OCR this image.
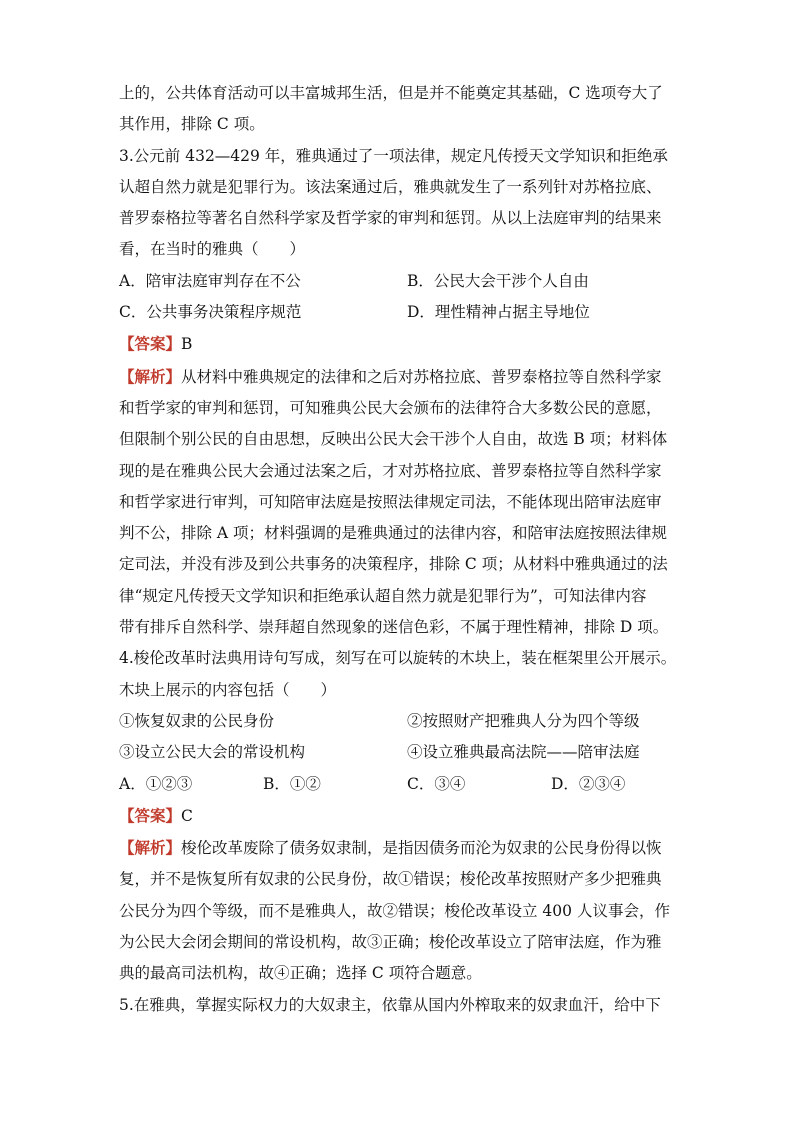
上的，公共体育活动可以丰富城邦生活，但是并不能奠定其基础，C 选项夸大了
其作用，排除 C 项。
3.公元前 432—429 年，雅典通过了一项法律，规定凡传授天文学知识和拒绝承
认超自然力就是犯罪行为。该法案通过后，雅典就发生了一系列针对苏格拉底、
普罗泰格拉等著名自然科学家及哲学家的审判和惩罚。从以上法庭审判的结果来
看，在当时的雅典（　　）
A．陪审法庭审判存在不公	B．公民大会干涉个人自由
C．公共事务决策程序规范	D．理性精神占据主导地位
【答案】B
【解析】从材料中雅典规定的法律和之后对苏格拉底、普罗泰格拉等自然科学家
和哲学家的审判和惩罚，可知雅典公民大会颁布的法律符合大多数公民的意愿，
但限制个别公民的自由思想，反映出公民大会干涉个人自由，故选 B 项；材料体
现的是在雅典公民大会通过法案之后，才对苏格拉底、普罗泰格拉等自然科学家
和哲学家进行审判，可知陪审法庭是按照法律规定司法，不能体现出陪审法庭审
判不公，排除 A 项；材料强调的是雅典通过的法律内容，和陪审法庭按照法律规
定司法，并没有涉及到公共事务的决策程序，排除 C 项；从材料中雅典通过的法
律“规定凡传授天文学知识和拒绝承认超自然力就是犯罪行为”，可知法律内容
带有排斥自然科学、崇拜超自然现象的迷信色彩，不属于理性精神，排除 D 项。
4.梭伦改革时法典用诗句写成，刻写在可以旋转的木块上，装在框架里公开展示。
木块上展示的内容包括（　　）
①恢复奴隶的公民身份	②按照财产把雅典人分为四个等级
③设立公民大会的常设机构	④设立雅典最高法院——陪审法庭
A．①②③	B．①②	C．③④	D．②③④
【答案】C
【解析】梭伦改革废除了债务奴隶制，是指因债务而沦为奴隶的公民身份得以恢
复，并不是恢复所有奴隶的公民身份，故①错误；梭伦改革按照财产多少把雅典
公民分为四个等级，而不是雅典人，故②错误；梭伦改革设立 400 人议事会，作
为公民大会闭会期间的常设机构，故③正确；梭伦改革设立了陪审法庭，作为雅
典的最高司法机构，故④正确；选择 C 项符合题意。
5.在雅典，掌握实际权力的大奴隶主，依靠从国内外榨取来的奴隶血汗，给中下
